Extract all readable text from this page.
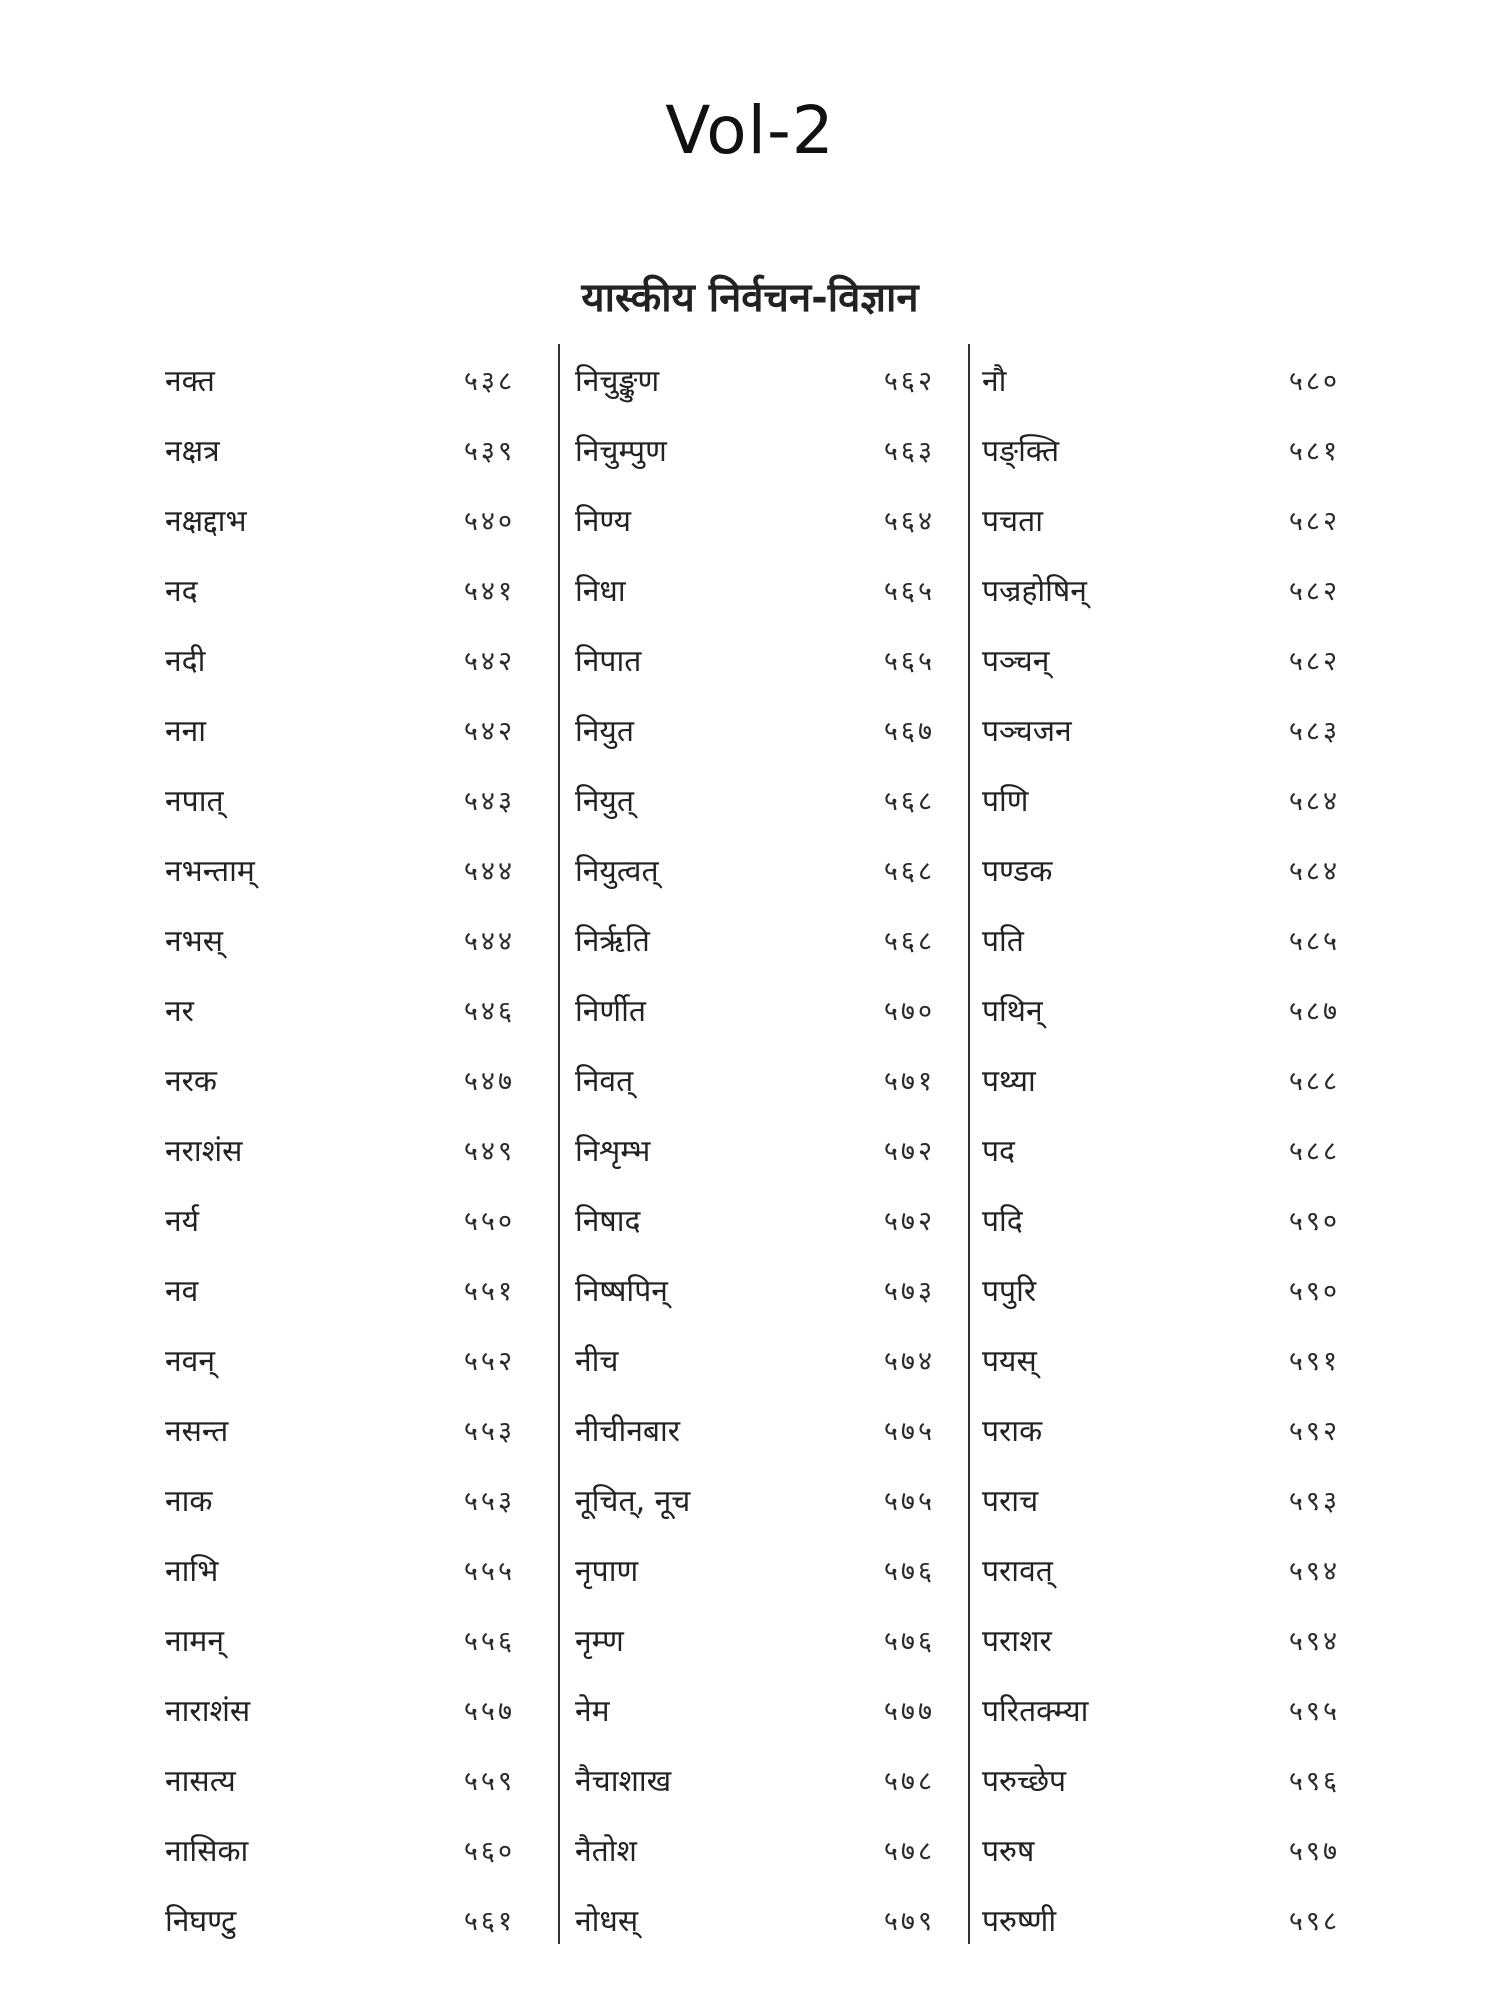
Vol-2
यास्कीय निर्वचन-विज्ञान
नक्त	५३८
नक्षत्र	५३९
नक्षद्दाभ	५४०
नद	५४१
नदी	५४२
नना	५४२
नपात्	५४३
नभन्ताम्	५४४
नभस्	५४४
नर	५४६
नरक	५४७
नराशंस	५४९
नर्य	५५०
नव	५५१
नवन्	५५२
नसन्त	५५३
नाक	५५३
नाभि	५५५
नामन्	५५६
नाराशंस	५५७
नासत्य	५५९
नासिका	५६०
निघण्टु	५६१
निचुङ्कुण	५६२
निचुम्पुण	५६३
निण्य	५६४
निधा	५६५
निपात	५६५
नियुत	५६७
नियुत्	५६८
नियुत्वत्	५६८
निर्ऋति	५६८
निर्णीत	५७०
निवत्	५७१
निशृम्भ	५७२
निषाद	५७२
निष्षपिन्	५७३
नीच	५७४
नीचीनबार	५७५
नूचित्, नूच	५७५
नृपाण	५७६
नृम्ण	५७६
नेम	५७७
नैचाशाख	५७८
नैतोश	५७८
नोधस्	५७९
नौ	५८०
पङ्क्ति	५८१
पचता	५८२
पज्रहोषिन्	५८२
पञ्चन्	५८२
पञ्चजन	५८३
पणि	५८४
पण्डक	५८४
पति	५८५
पथिन्	५८७
पथ्या	५८८
पद	५८८
पदि	५९०
पपुरि	५९०
पयस्	५९१
पराक	५९२
पराच	५९३
परावत्	५९४
पराशर	५९४
परितक्म्या	५९५
परुच्छेप	५९६
परुष	५९७
परुष्णी	५९८
